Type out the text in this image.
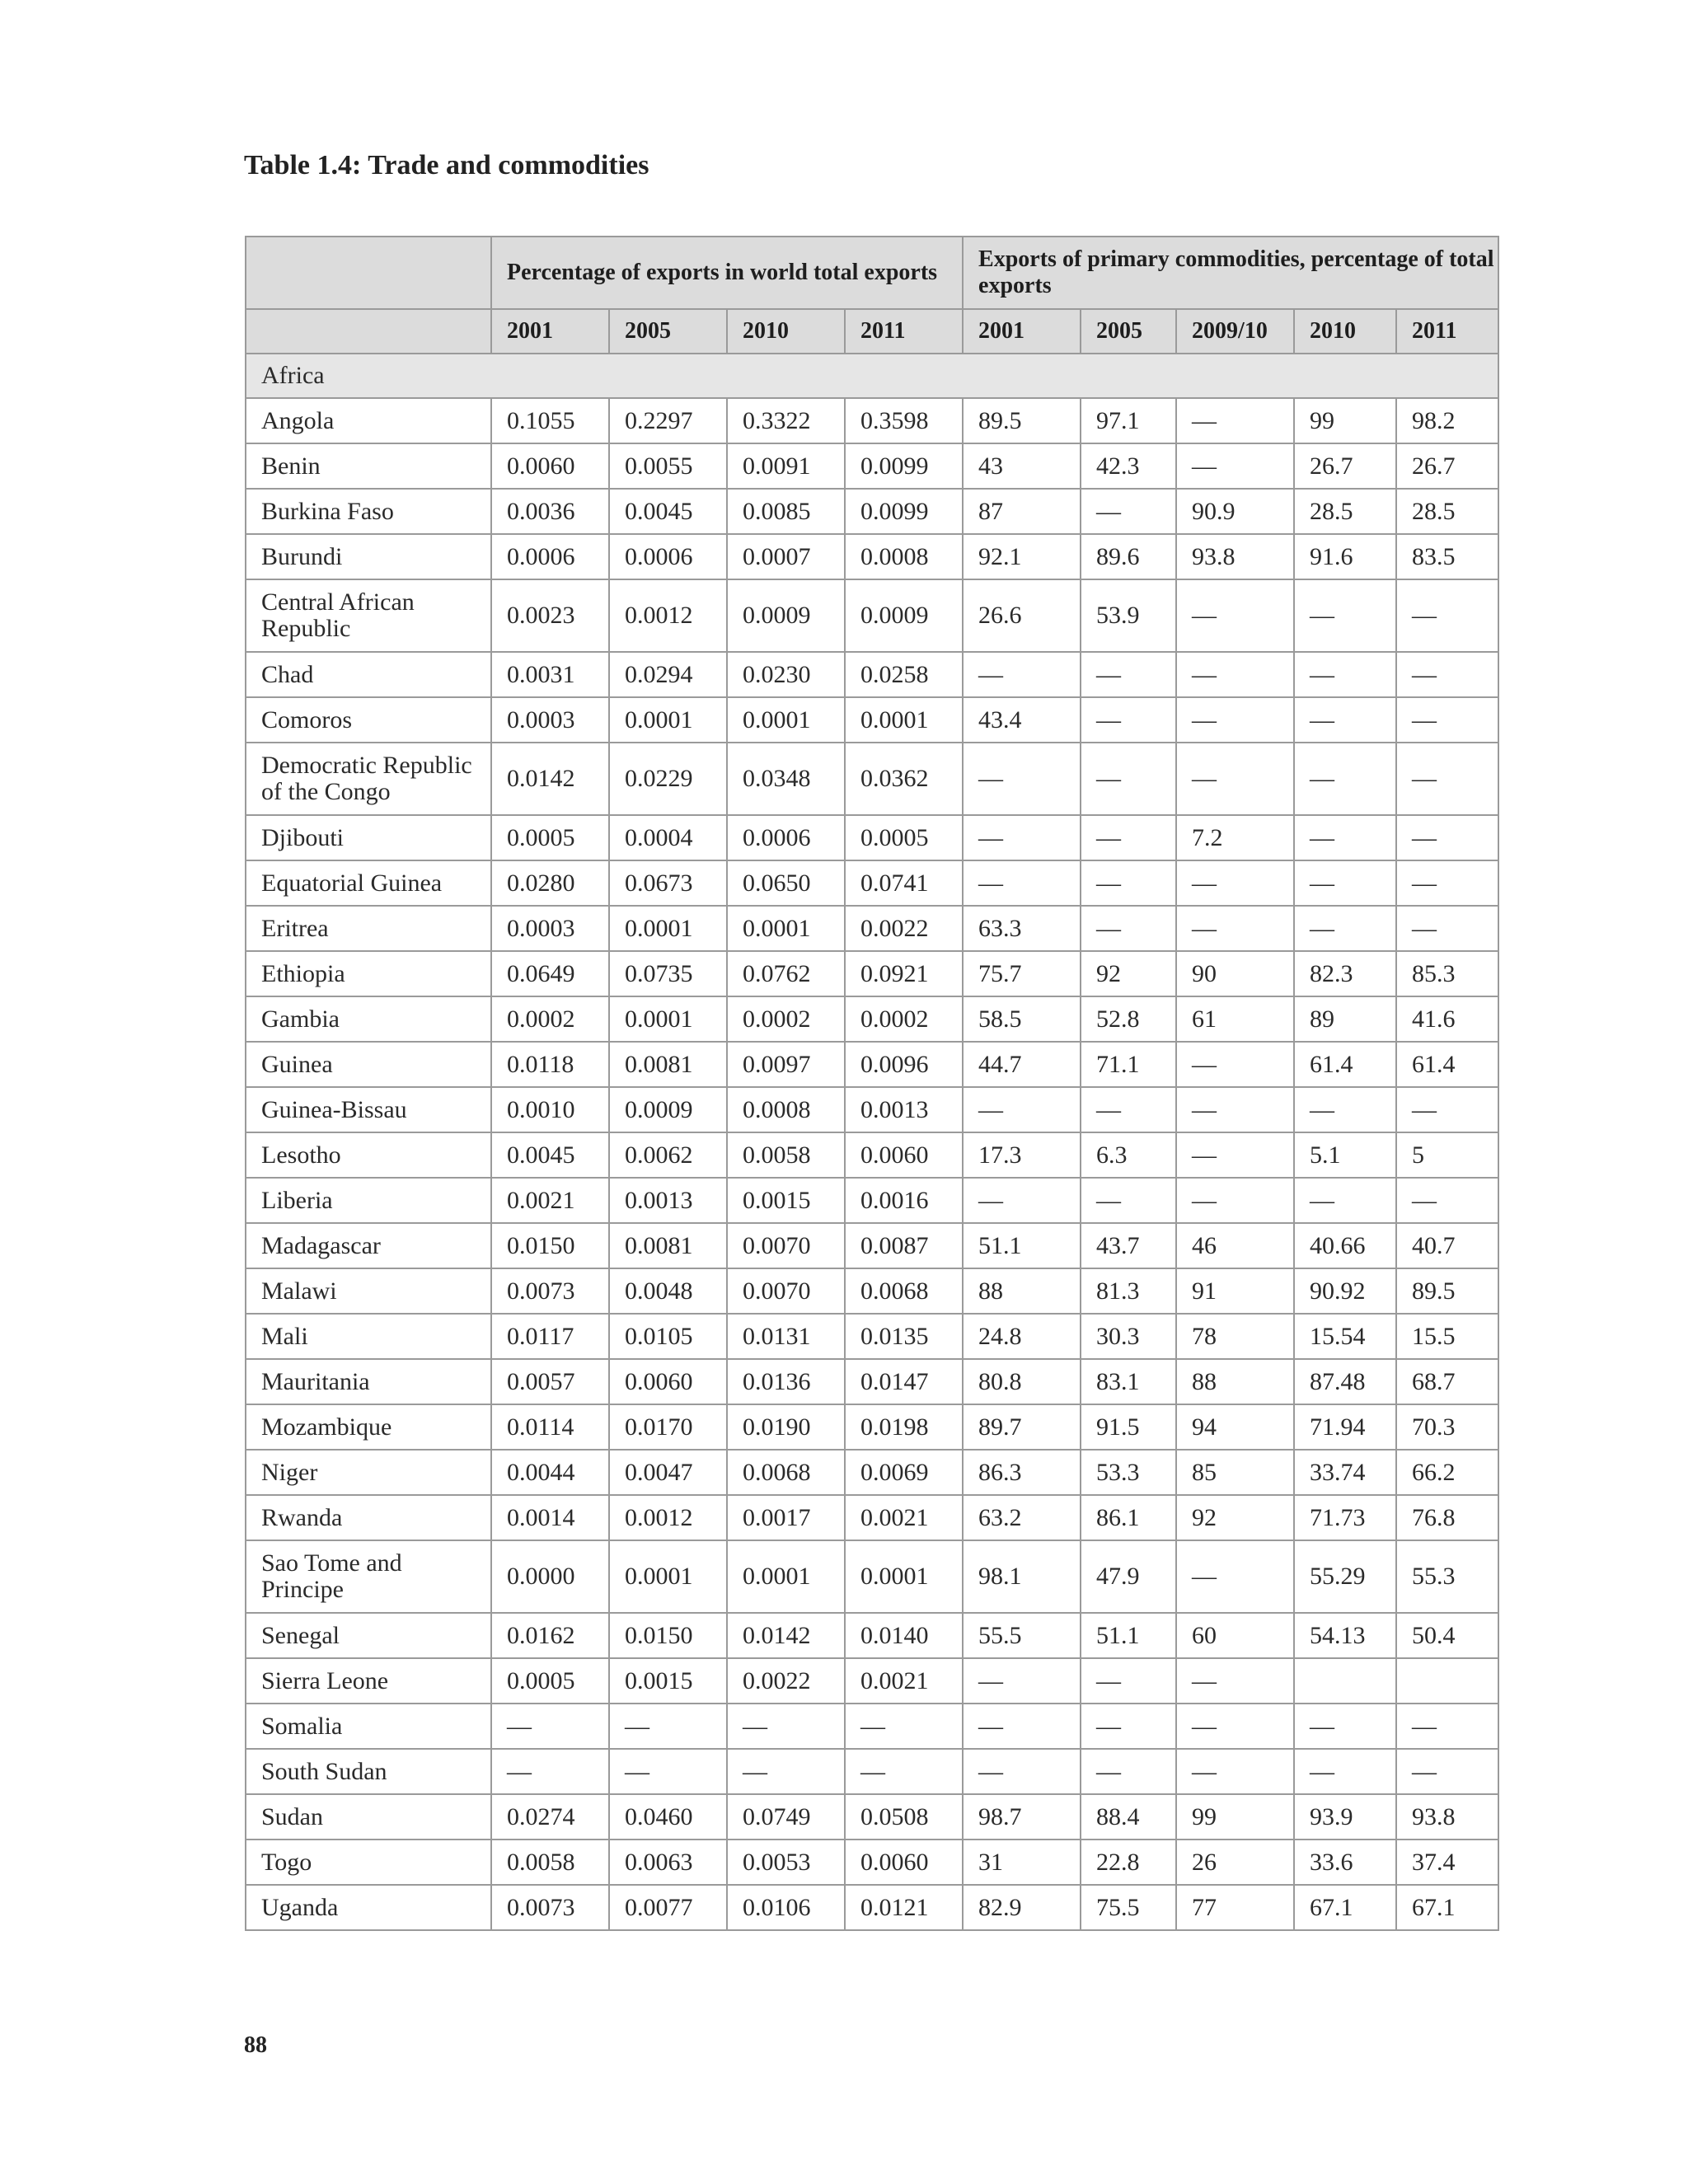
Table 1.4: Trade and commodities
	Percentage of exports in world total exports				Exports of primary commodities, percentage of total exports				
	2001	2005	2010	2011	2001	2005	2009/10	2010	2011
Africa									
Angola	0.1055	0.2297	0.3322	0.3598	89.5	97.1	—	99	98.2
Benin	0.0060	0.0055	0.0091	0.0099	43	42.3	—	26.7	26.7
Burkina Faso	0.0036	0.0045	0.0085	0.0099	87	—	90.9	28.5	28.5
Burundi	0.0006	0.0006	0.0007	0.0008	92.1	89.6	93.8	91.6	83.5
Central African Republic	0.0023	0.0012	0.0009	0.0009	26.6	53.9	—	—	—
Chad	0.0031	0.0294	0.0230	0.0258	—	—	—	—	—
Comoros	0.0003	0.0001	0.0001	0.0001	43.4	—	—	—	—
Democratic Republic of the Congo	0.0142	0.0229	0.0348	0.0362	—	—	—	—	—
Djibouti	0.0005	0.0004	0.0006	0.0005	—	—	7.2	—	—
Equatorial Guinea	0.0280	0.0673	0.0650	0.0741	—	—	—	—	—
Eritrea	0.0003	0.0001	0.0001	0.0022	63.3	—	—	—	—
Ethiopia	0.0649	0.0735	0.0762	0.0921	75.7	92	90	82.3	85.3
Gambia	0.0002	0.0001	0.0002	0.0002	58.5	52.8	61	89	41.6
Guinea	0.0118	0.0081	0.0097	0.0096	44.7	71.1	—	61.4	61.4
Guinea-Bissau	0.0010	0.0009	0.0008	0.0013	—	—	—	—	—
Lesotho	0.0045	0.0062	0.0058	0.0060	17.3	6.3	—	5.1	5
Liberia	0.0021	0.0013	0.0015	0.0016	—	—	—	—	—
Madagascar	0.0150	0.0081	0.0070	0.0087	51.1	43.7	46	40.66	40.7
Malawi	0.0073	0.0048	0.0070	0.0068	88	81.3	91	90.92	89.5
Mali	0.0117	0.0105	0.0131	0.0135	24.8	30.3	78	15.54	15.5
Mauritania	0.0057	0.0060	0.0136	0.0147	80.8	83.1	88	87.48	68.7
Mozambique	0.0114	0.0170	0.0190	0.0198	89.7	91.5	94	71.94	70.3
Niger	0.0044	0.0047	0.0068	0.0069	86.3	53.3	85	33.74	66.2
Rwanda	0.0014	0.0012	0.0017	0.0021	63.2	86.1	92	71.73	76.8
Sao Tome and Principe	0.0000	0.0001	0.0001	0.0001	98.1	47.9	—	55.29	55.3
Senegal	0.0162	0.0150	0.0142	0.0140	55.5	51.1	60	54.13	50.4
Sierra Leone	0.0005	0.0015	0.0022	0.0021	—	—	—		
Somalia	—	—	—	—	—	—	—	—	—
South Sudan	—	—	—	—	—	—	—	—	—
Sudan	0.0274	0.0460	0.0749	0.0508	98.7	88.4	99	93.9	93.8
Togo	0.0058	0.0063	0.0053	0.0060	31	22.8	26	33.6	37.4
Uganda	0.0073	0.0077	0.0106	0.0121	82.9	75.5	77	67.1	67.1
88
